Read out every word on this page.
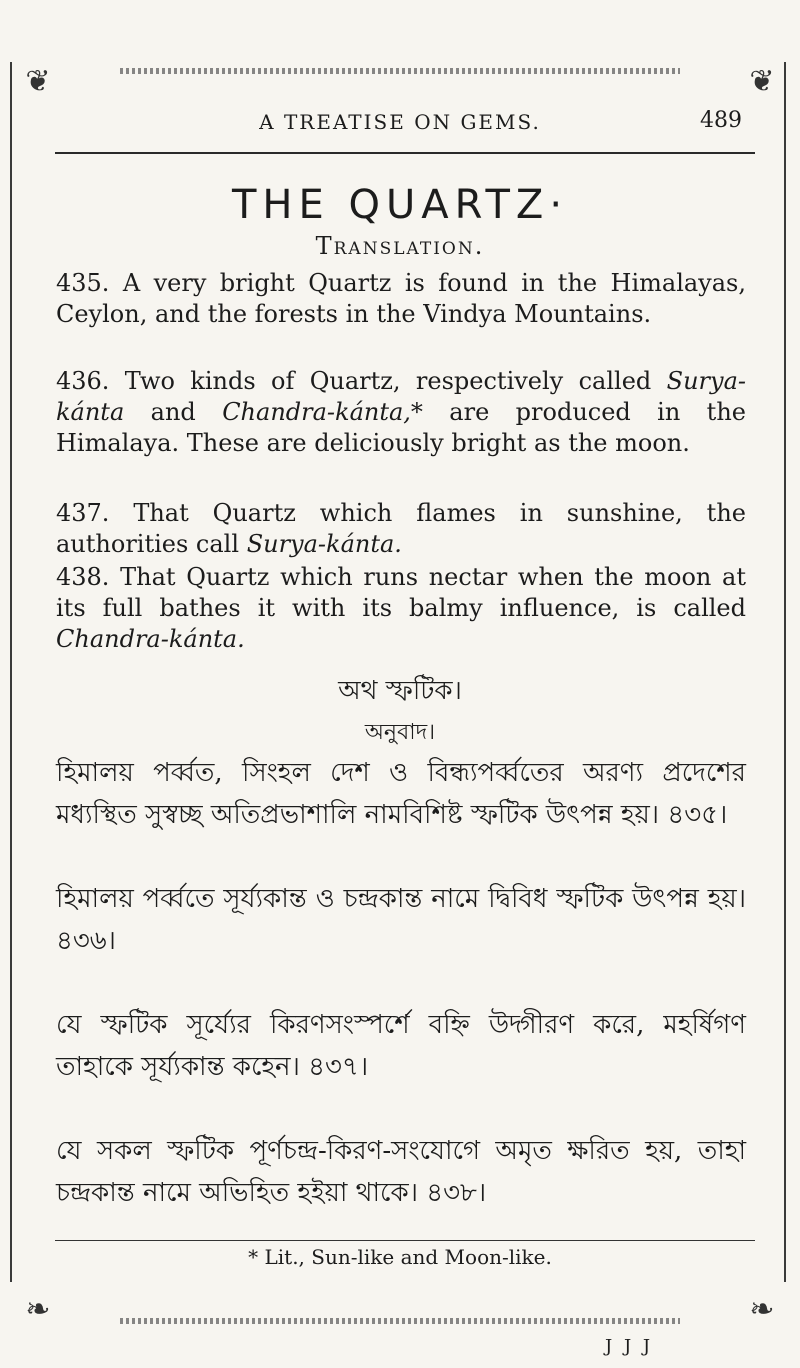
❦	❦
❧	❧
A TREATISE ON GEMS.	489
THE QUARTZ·
Translation.
435. A very bright Quartz is found in the Himalayas, Ceylon, and the forests in the Vindya Mountains.
436. Two kinds of Quartz, respectively called Surya-kánta and Chandra-kánta,* are produced in the Himalaya. These are deliciously bright as the moon.
437. That Quartz which flames in sunshine, the authorities call Surya-kánta.
438. That Quartz which runs nectar when the moon at its full bathes it with its balmy influence, is called Chandra-kánta.
অথ স্ফটিক।
অনুবাদ।
হিমালয় পর্ব্বত, সিংহল দেশ ও বিন্ধ্যপর্ব্বতের অরণ্য প্রদেশের মধ্যস্থিত সুস্বচ্ছ অতিপ্রভাশালি নামবিশিষ্ট স্ফটিক উৎপন্ন হয়। ৪৩৫।
হিমালয় পর্ব্বতে সূর্য্যকান্ত ও চন্দ্রকান্ত নামে দ্বিবিধ স্ফটিক উৎপন্ন হয়। ৪৩৬।
যে স্ফটিক সূর্য্যের কিরণসংস্পর্শে বহ্নি উদ্গীরণ করে, মহর্ষিগণ তাহাকে সূর্য্যকান্ত কহেন। ৪৩৭।
যে সকল স্ফটিক পূর্ণচন্দ্র-কিরণ-সংযোগে অমৃত ক্ষরিত হয়, তাহা চন্দ্রকান্ত নামে অভিহিত হইয়া থাকে। ৪৩৮।
* Lit., Sun-like and Moon-like.
J J J
